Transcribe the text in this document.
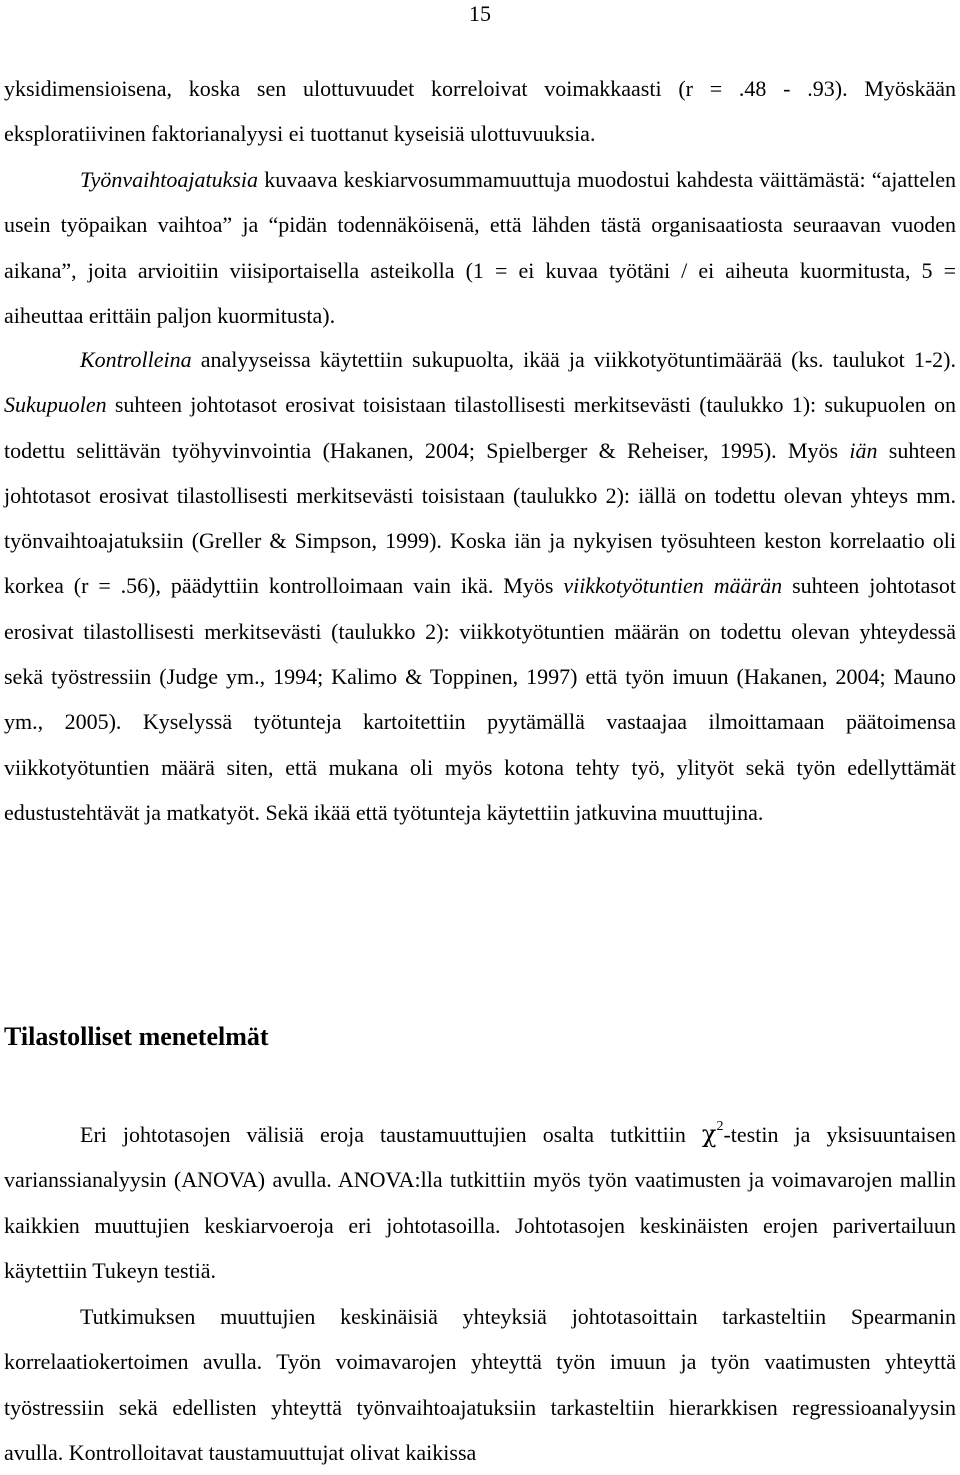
15

yksidimensioisena, koska sen ulottuvuudet korreloivat voimakkaasti (r = .48 - .93). Myöskään eksploratiivinen faktorianalyysi ei tuottanut kyseisiä ulottuvuuksia.

Työnvaihtoajatuksia kuvaava keskiarvosummamuuttuja muodostui kahdesta väittämästä: “ajattelen usein työpaikan vaihtoa” ja “pidän todennäköisenä, että lähden tästä organisaatiosta seuraavan vuoden aikana”, joita arvioitiin viisiportaisella asteikolla (1 = ei kuvaa työtäni / ei aiheuta kuormitusta, 5 = aiheuttaa erittäin paljon kuormitusta).

Kontrolleina analyyseissa käytettiin sukupuolta, ikää ja viikkotyötuntimäärää (ks. taulukot 1-2). Sukupuolen suhteen johtotasot erosivat toisistaan tilastollisesti merkitsevästi (taulukko 1): sukupuolen on todettu selittävän työhyvinvointia (Hakanen, 2004; Spielberger & Reheiser, 1995). Myös iän suhteen johtotasot erosivat tilastollisesti merkitsevästi toisistaan (taulukko 2): iällä on todettu olevan yhteys mm. työnvaihtoajatuksiin (Greller & Simpson, 1999). Koska iän ja nykyisen työsuhteen keston korrelaatio oli korkea (r = .56), päädyttiin kontrolloimaan vain ikä. Myös viikkotyötuntien määrän suhteen johtotasot erosivat tilastollisesti merkitsevästi (taulukko 2): viikkotyötuntien määrän on todettu olevan yhteydessä sekä työstressiin (Judge ym., 1994; Kalimo & Toppinen, 1997) että työn imuun (Hakanen, 2004; Mauno ym., 2005). Kyselyssä työtunteja kartoitettiin pyytämällä vastaajaa ilmoittamaan päätoimensa viikkotyötuntien määrä siten, että mukana oli myös kotona tehty työ, ylityöt sekä työn edellyttämät edustustehtävät ja matkatyöt. Sekä ikää että työtunteja käytettiin jatkuvina muuttujina.

Tilastolliset menetelmät

Eri johtotasojen välisiä eroja taustamuuttujien osalta tutkittiin $\chi^2$-testin ja yksisuuntaisen varianssianalyysin (ANOVA) avulla. ANOVA:lla tutkittiin myös työn vaatimusten ja voimavarojen mallin kaikkien muuttujien keskiarvoeroja eri johtotasoilla. Johtotasojen keskinäisten erojen parivertailuun käytettiin Tukeyn testiä.

Tutkimuksen muuttujien keskinäisiä yhteyksiä johtotasoittain tarkasteltiin Spearmanin korrelaatiokertoimen avulla. Työn voimavarojen yhteyttä työn imuun ja työn vaatimusten yhteyttä työstressiin sekä edellisten yhteyttä työnvaihtoajatuksiin tarkasteltiin hierarkkisen regressioanalyysin avulla. Kontrolloitavat taustamuuttujat olivat kaikissa
